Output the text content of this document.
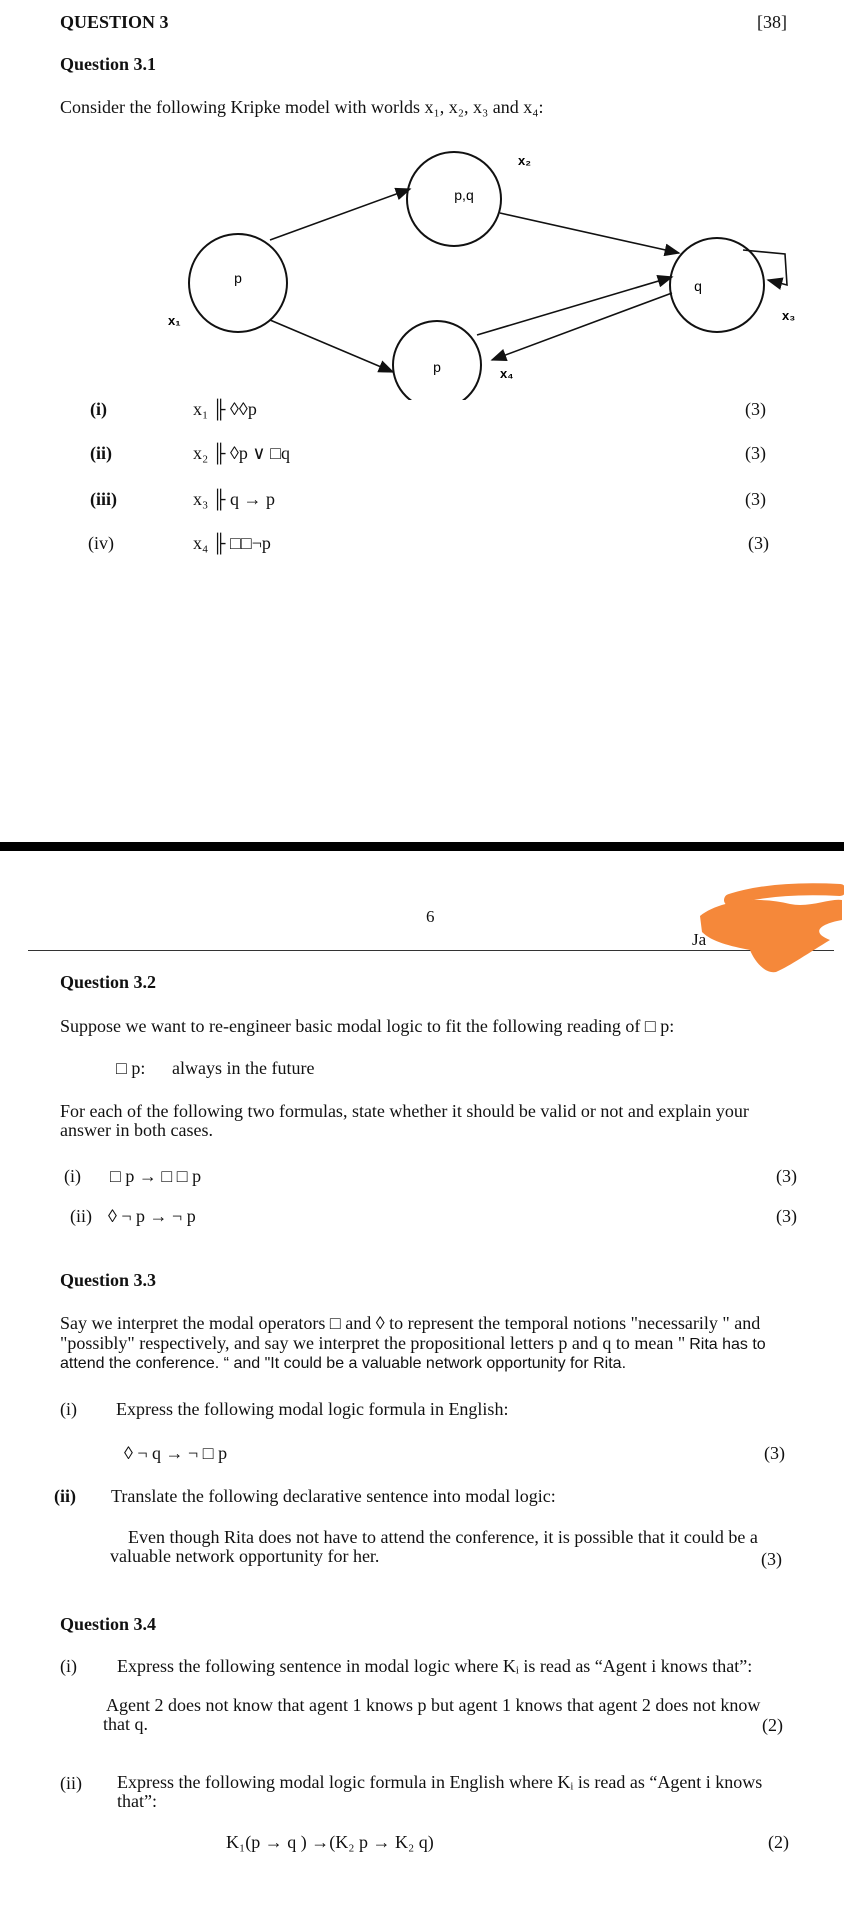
QUESTION 3	[38]
Question 3.1
Consider the following Kripke model with worlds x₁, x₂, x₃ and x₄:
p
p,q
q
p
x₁
x₂
x₃
x₄
(i)	x₁ ╟ ◊◊p	(3)
(ii)	x₂ ╟ ◊p ∨ □q	(3)
(iii)	x₃ ╟ q → p	(3)
(iv)	x₄ ╟ □□¬p	(3)
6
Ja
Question 3.2
Suppose we want to re-engineer basic modal logic to fit the following reading of □ p:
□ p: always in the future
For each of the following two formulas, state whether it should be valid or not and explain your answer in both cases.
(i) □ p → □ □ p	(3)
(ii) ◊ ¬ p → ¬ p	(3)
Question 3.3
Say we interpret the modal operators □ and ◊ to represent the temporal notions "necessarily " and "possibly" respectively, and say we interpret the propositional letters p and q to mean " Rita has to attend the conference. “ and "It could be a valuable network opportunity for Rita.
(i) Express the following modal logic formula in English:
◊ ¬ q → ¬ □ p	(3)
(ii) Translate the following declarative sentence into modal logic:
Even though Rita does not have to attend the conference, it is possible that it could be a valuable network opportunity for her.	(3)
Question 3.4
(i) Express the following sentence in modal logic where Kᵢ is read as “Agent i knows that”:
Agent 2 does not know that agent 1 knows p but agent 1 knows that agent 2 does not know that q.	(2)
(ii) Express the following modal logic formula in English where Kᵢ is read as “Agent i knows that”:
K₁(p → q ) →(K₂ p → K₂ q)	(2)
